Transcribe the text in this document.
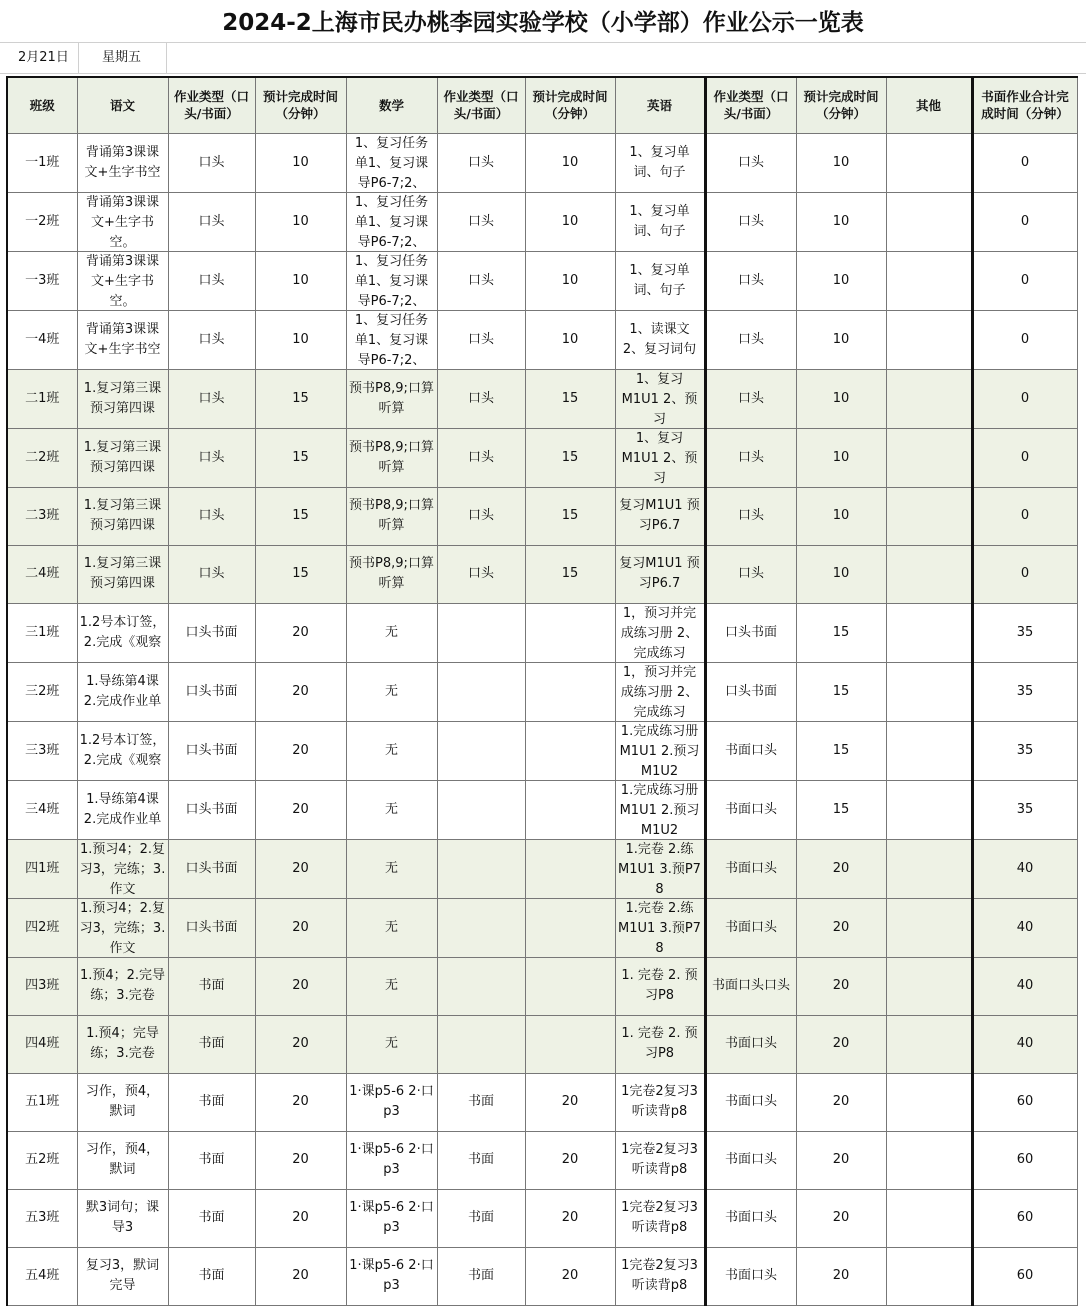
2024-2上海市民办桃李园实验学校（小学部）作业公示一览表
2月21日	星期五
班级	语文	作业类型（口头/书面）	预计完成时间（分钟）	数学	作业类型（口头/书面）	预计完成时间（分钟）	英语	作业类型（口头/书面）	预计完成时间（分钟）	其他	书面作业合计完成时间（分钟）

一1班	背诵第3课课文+生字书空	口头	10	1、复习任务单1、复习课导P6-7;2、	口头	10	1、复习单词、句子	口头	10		0

一2班	背诵第3课课文+生字书空。	口头	10	1、复习任务单1、复习课导P6-7;2、	口头	10	1、复习单词、句子	口头	10		0

一3班	背诵第3课课文+生字书空。	口头	10	1、复习任务单1、复习课导P6-7;2、	口头	10	1、复习单词、句子	口头	10		0

一4班	背诵第3课课文+生字书空	口头	10	1、复习任务单1、复习课导P6-7;2、	口头	10	1、读课文 2、复习词句	口头	10		0

二1班	1.复习第三课 预习第四课	口头	15	预书P8,9;口算听算	口头	15	1、复习M1U1 2、预习	口头	10		0

二2班	1.复习第三课 预习第四课	口头	15	预书P8,9;口算听算	口头	15	1、复习M1U1 2、预习	口头	10		0

二3班	1.复习第三课 预习第四课	口头	15	预书P8,9;口算听算	口头	15	复习M1U1 预习P6.7	口头	10		0

二4班	1.复习第三课 预习第四课	口头	15	预书P8,9;口算听算	口头	15	复习M1U1 预习P6.7	口头	10		0

三1班	1.2号本订签，2.完成《观察	口头书面	20	无			1，预习并完成练习册 2、完成练习	口头书面	15		35

三2班	1.导练第4课 2.完成作业单	口头书面	20	无			1，预习并完成练习册 2、完成练习	口头书面	15		35

三3班	1.2号本订签，2.完成《观察	口头书面	20	无			1.完成练习册M1U1 2.预习M1U2	书面口头	15		35

三4班	1.导练第4课 2.完成作业单	口头书面	20	无			1.完成练习册M1U1 2.预习M1U2	书面口头	15		35

四1班	1.预习4；2.复习3，完练；3.作文	口头书面	20	无			1.完卷 2.练M1U1 3.预P7 8	书面口头	20		40

四2班	1.预习4；2.复习3，完练；3.作文	口头书面	20	无			1.完卷 2.练M1U1 3.预P7 8	书面口头	20		40

四3班	1.预4；2.完导练；3.完卷	书面	20	无			1. 完卷 2. 预习P8	书面口头口头	20		40

四4班	1.预4；完导练；3.完卷	书面	20	无			1. 完卷 2. 预习P8	书面口头	20		40

五1班	习作，预4，默词	书面	20	1·课p5-6 2·口p3	书面	20	1完卷2复习3听读背p8	书面口头	20		60

五2班	习作，预4，默词	书面	20	1·课p5-6 2·口p3	书面	20	1完卷2复习3听读背p8	书面口头	20		60

五3班	默3词句；课导3	书面	20	1·课p5-6 2·口p3	书面	20	1完卷2复习3听读背p8	书面口头	20		60

五4班	复习3，默词完导	书面	20	1·课p5-6 2·口p3	书面	20	1完卷2复习3听读背p8	书面口头	20		60
